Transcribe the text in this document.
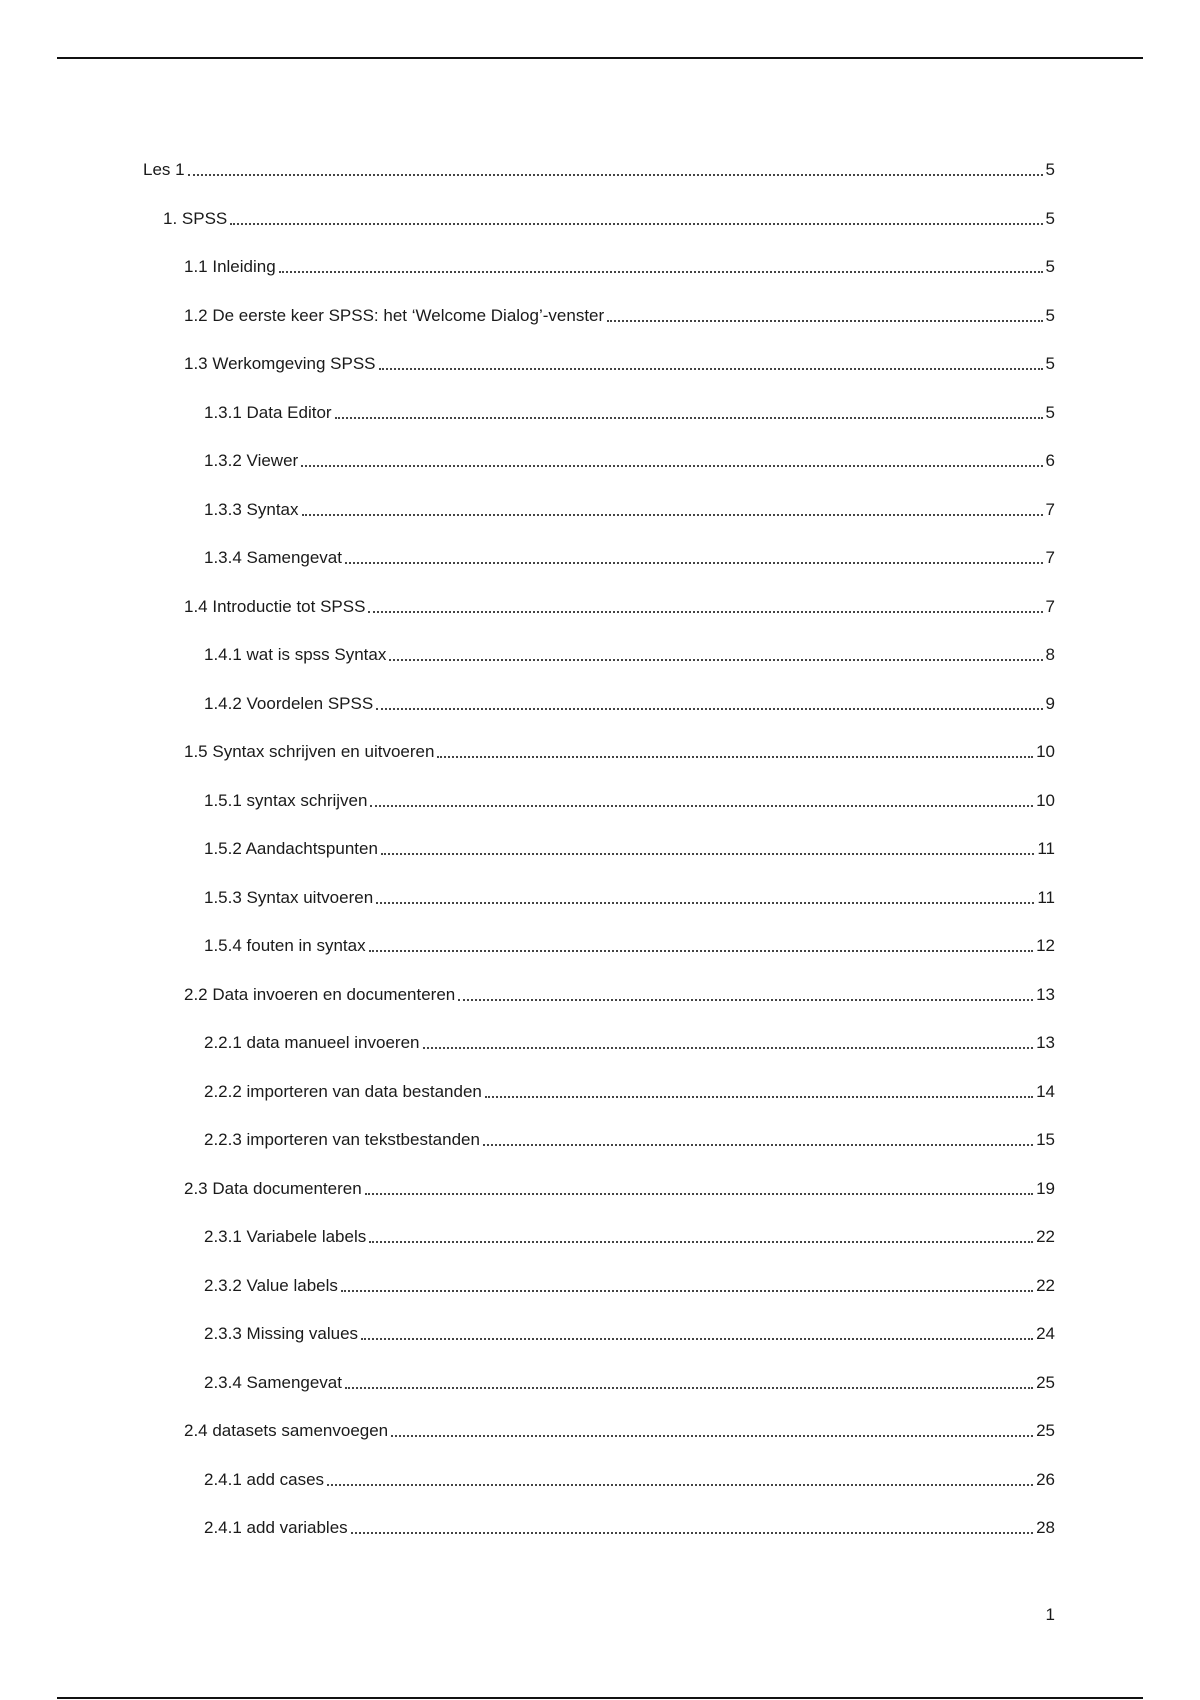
Les 1	5
1. SPSS	5
1.1 Inleiding	5
1.2 De eerste keer SPSS: het ‘Welcome Dialog’-venster	5
1.3 Werkomgeving SPSS	5
1.3.1 Data Editor	5
1.3.2 Viewer	6
1.3.3 Syntax	7
1.3.4 Samengevat	7
1.4 Introductie tot SPSS	7
1.4.1 wat is spss Syntax	8
1.4.2 Voordelen SPSS	9
1.5 Syntax schrijven en uitvoeren	10
1.5.1 syntax schrijven	10
1.5.2 Aandachtspunten	11
1.5.3 Syntax uitvoeren	11
1.5.4 fouten in syntax	12
2.2 Data invoeren en documenteren	13
2.2.1 data manueel invoeren	13
2.2.2 importeren van data bestanden	14
2.2.3 importeren van tekstbestanden	15
2.3 Data documenteren	19
2.3.1 Variabele labels	22
2.3.2 Value labels	22
2.3.3 Missing values	24
2.3.4 Samengevat	25
2.4 datasets samenvoegen	25
2.4.1 add cases	26
2.4.1 add variables	28
1
